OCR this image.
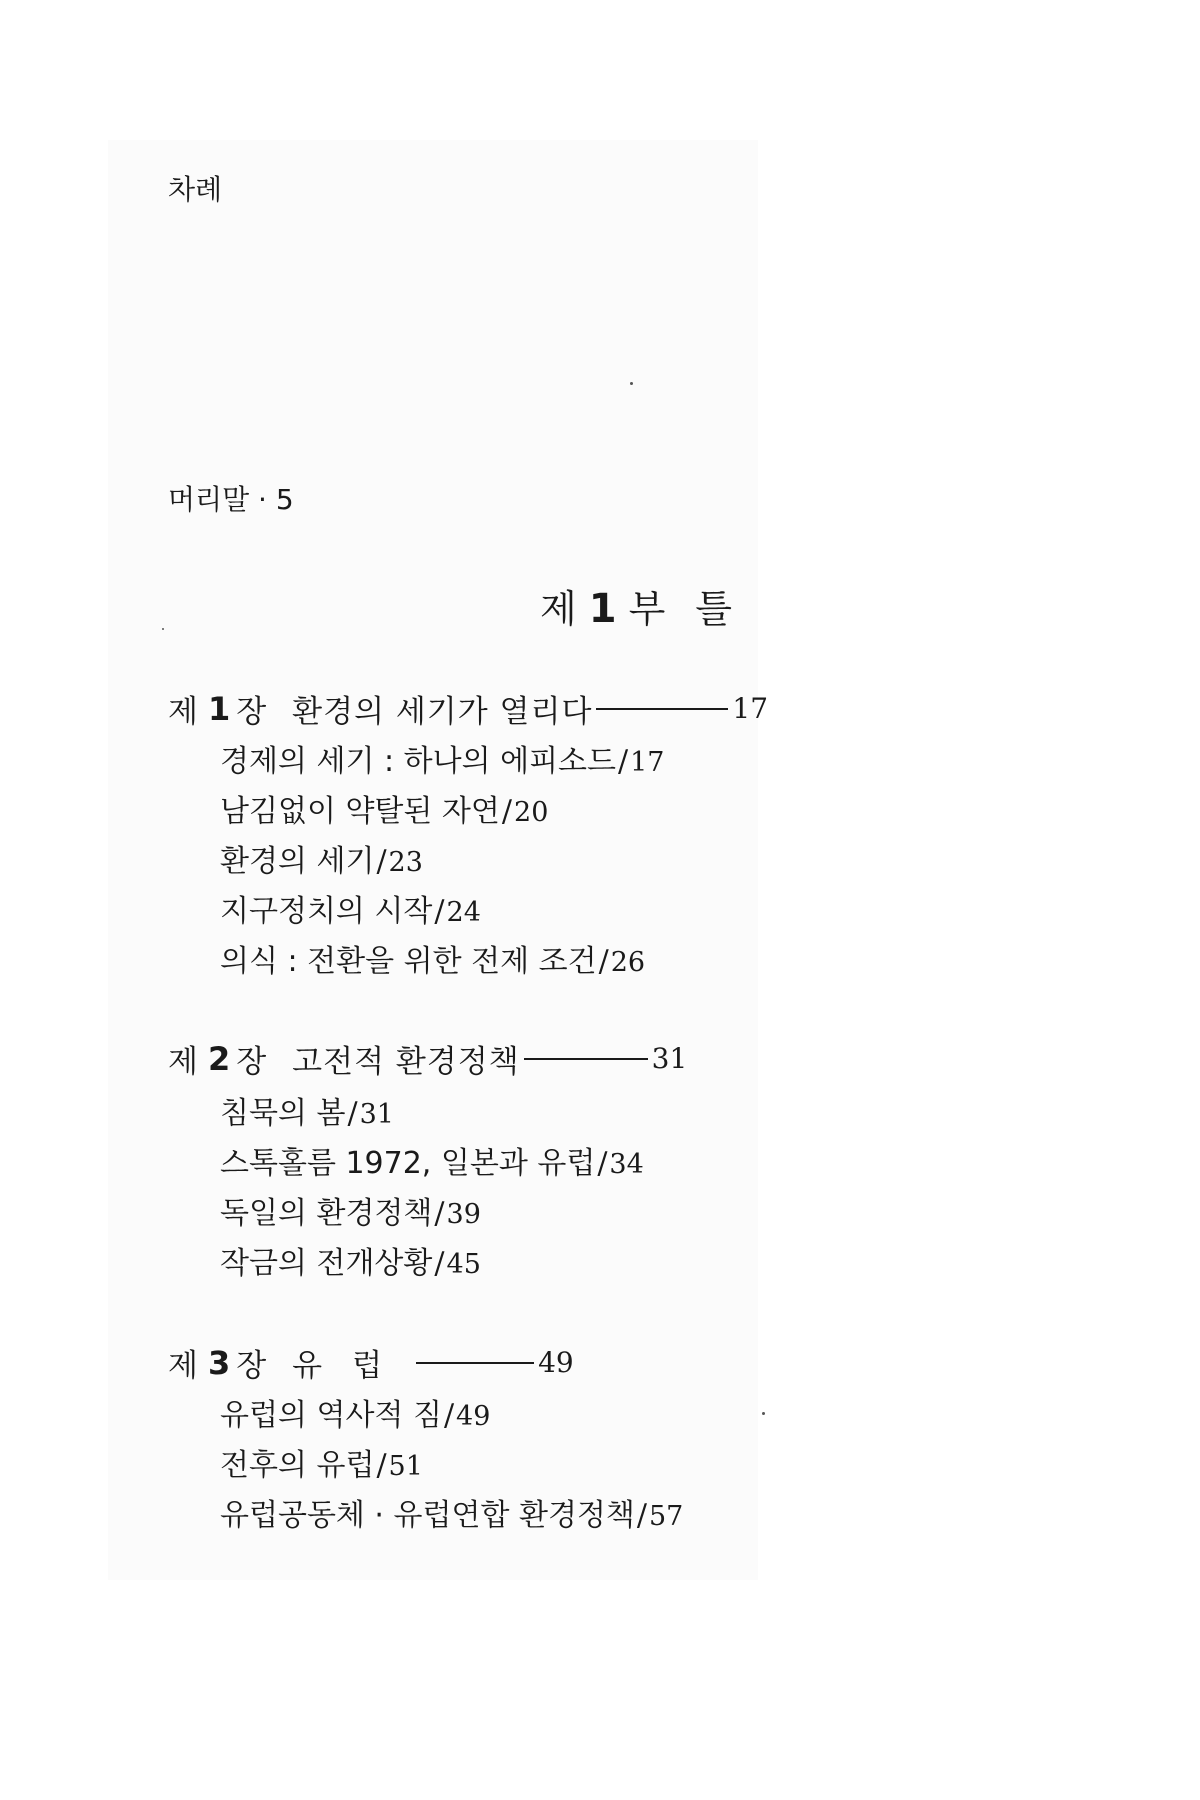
차례
머리말 · 5
제 1 부 틀
제 1 장 환경의 세기가 열리다	17
경제의 세기 : 하나의 에피소드/17
남김없이 약탈된 자연/20
환경의 세기/23
지구정치의 시작/24
의식 : 전환을 위한 전제 조건/26
제 2 장 고전적 환경정책	31
침묵의 봄/31
스톡홀름 1972, 일본과 유럽/34
독일의 환경정책/39
작금의 전개상황/45
제 3 장 유럽	49
유럽의 역사적 짐/49
전후의 유럽/51
유럽공동체 · 유럽연합 환경정책/57
